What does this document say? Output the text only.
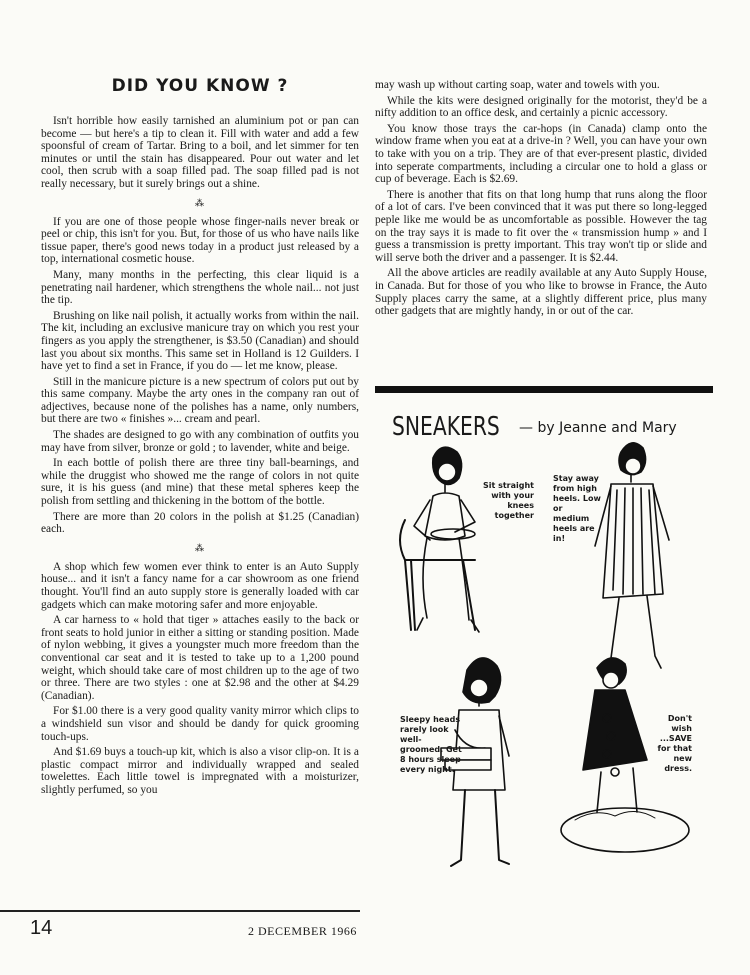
DID YOU KNOW ?

Isn't horrible how easily tarnished an aluminium pot or pan can become — but here's a tip to clean it. Fill with water and add a few spoonsful of cream of Tartar. Bring to a boil, and let simmer for ten minutes or until the stain has disappeared. Pour out water and let cool, then scrub with a soap filled pad. The soap filled pad is not really necessary, but it surely brings out a shine.

⁂

If you are one of those people whose finger-nails never break or peel or chip, this isn't for you. But, for those of us who have nails like tissue paper, there's good news today in a product just released by a top, international cosmetic house.

Many, many months in the perfecting, this clear liquid is a penetrating nail hardener, which strengthens the whole nail... not just the tip.

Brushing on like nail polish, it actually works from within the nail. The kit, including an exclusive manicure tray on which you rest your fingers as you apply the strengthener, is $3.50 (Canadian) and should last you about six months. This same set in Holland is 12 Guilders. I have yet to find a set in France, if you do — let me know, please.

Still in the manicure picture is a new spectrum of colors put out by this same company. Maybe the arty ones in the company ran out of adjectives, because none of the polishes has a name, only numbers, but there are two « finishes »... cream and pearl.

The shades are designed to go with any combination of outfits you may have from silver, bronze or gold ; to lavender, white and beige.

In each bottle of polish there are three tiny ball-bearnings, and while the druggist who showed me the range of colors in not quite sure, it is his guess (and mine) that these metal spheres keep the polish from settling and thickening in the bottom of the bottle.

There are more than 20 colors in the polish at $1.25 (Canadian) each.

⁂

A shop which few women ever think to enter is an Auto Supply house... and it isn't a fancy name for a car showroom as one friend thought. You'll find an auto supply store is generally loaded with car gadgets which can make motoring safer and more enjoyable.

A car harness to « hold that tiger » attaches easily to the back or front seats to hold junior in either a sitting or standing position. Made of nylon webbing, it gives a youngster much more freedom than the conventional car seat and it is tested to take up to a 1,200 pound weight, which should take care of most children up to the age of two or three. There are two styles : one at $2.98 and the other at $4.29 (Canadian).

For $1.00 there is a very good quality vanity mirror which clips to a windshield sun visor and should be dandy for quick grooming touch-ups.

And $1.69 buys a touch-up kit, which is also a visor clip-on. It is a plastic compact mirror and individually wrapped and sealed towelettes. Each little towel is impregnated with a moisturizer, slightly perfumed, so you

may wash up without carting soap, water and towels with you.

While the kits were designed originally for the motorist, they'd be a nifty addition to an office desk, and certainly a picnic accessory.

You know those trays the car-hops (in Canada) clamp onto the window frame when you eat at a drive-in ? Well, you can have your own to take with you on a trip. They are of that ever-present plastic, divided into seperate compartments, including a circular one to hold a glass or cup of beverage. Each is $2.69.

There is another that fits on that long hump that runs along the floor of a lot of cars. I've been convinced that it was put there so long-legged peple like me would be as uncomfortable as possible. However the tag on the tray says it is made to fit over the « transmission hump » and I guess a transmission is pretty important. This tray won't tip or slide and will serve both the driver and a passenger. It is $2.44.

All the above articles are readily available at any Auto Supply House, in Canada. But for those of you who like to browse in France, the Auto Supply places carry the same, at a slightly different price, plus many other gadgets that are mightly handy, in or out of the car.

SNEAKERS — by Jeanne and Mary
Sit straight with your knees together
Stay away from high heels. Low or medium heels are in!
Sleepy heads rarely look well-groomed. Get 8 hours sleep every night.
Don't wish ...SAVE for that new dress.
14	2 DECEMBER 1966
